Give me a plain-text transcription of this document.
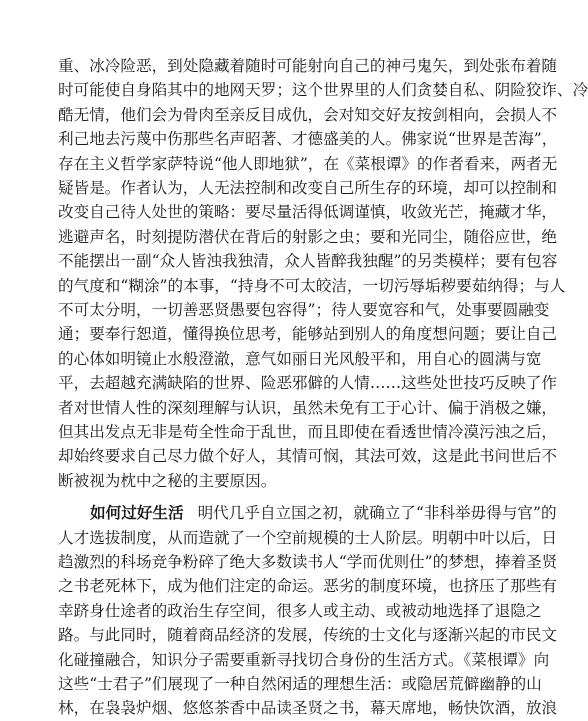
重、冰冷险恶，到处隐藏着随时可能射向自己的神弓鬼矢，到处张布着随
时可能使自身陷其中的地网天罗；这个世界里的人们贪婪自私、阴险狡诈、冷
酷无情，他们会为骨肉至亲反目成仇，会对知交好友按剑相向，会损人不
利己地去污蔑中伤那些名声昭著、才德盛美的人。佛家说“世界是苦海”，
存在主义哲学家萨特说“他人即地狱”，在《菜根谭》的作者看来，两者无
疑皆是。作者认为，人无法控制和改变自己所生存的环境，却可以控制和
改变自己待人处世的策略：要尽量活得低调谨慎，收敛光芒，掩藏才华，
逃避声名，时刻提防潜伏在背后的射影之虫；要和光同尘，随俗应世，绝
不能摆出一副“众人皆浊我独清，众人皆醉我独醒”的另类模样；要有包容
的气度和“糊涂”的本事，“持身不可太皎洁，一切污辱垢秽要茹纳得；与人
不可太分明，一切善恶贤愚要包容得”；待人要宽容和气，处事要圆融变
通；要奉行恕道，懂得换位思考，能够站到别人的角度想问题；要让自己
的心体如明镜止水般澄澈，意气如丽日光风般平和，用自心的圆满与宽
平，去超越充满缺陷的世界、险恶邪僻的人情……这些处世技巧反映了作
者对世情人性的深刻理解与认识，虽然未免有工于心计、偏于消极之嫌，
但其出发点无非是苟全性命于乱世，而且即使在看透世情冷漠污浊之后，
却始终要求自己尽力做个好人，其情可悯，其法可效，这是此书问世后不
断被视为枕中之秘的主要原因。
如何过好生活 明代几乎自立国之初，就确立了“非科举毋得与官”的
人才选拔制度，从而造就了一个空前规模的士人阶层。明朝中叶以后，日
趋激烈的科场竞争粉碎了绝大多数读书人“学而优则仕”的梦想，捧着圣贤
之书老死林下，成为他们注定的命运。恶劣的制度环境，也挤压了那些有
幸跻身仕途者的政治生存空间，很多人或主动、或被动地选择了退隐之
路。与此同时，随着商品经济的发展，传统的士文化与逐渐兴起的市民文
化碰撞融合，知识分子需要重新寻找切合身份的生活方式。《菜根谭》向
这些“士君子”们展现了一种自然闲适的理想生活：或隐居荒僻幽静的山
林，在袅袅炉烟、悠悠茶香中品读圣贤之书，幕天席地，畅快饮酒，放浪
